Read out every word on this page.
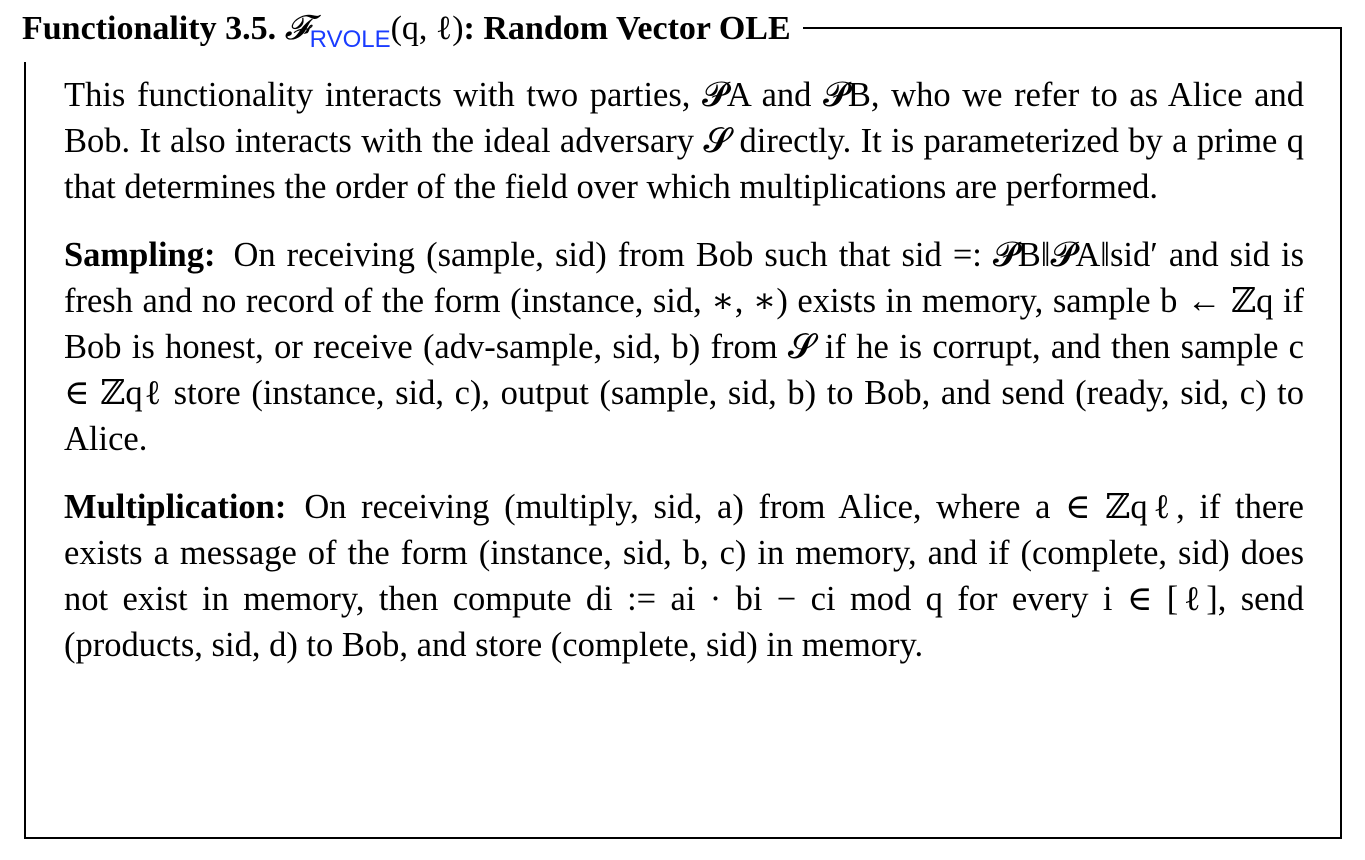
Functionality 3.5. 𝓕$_{RVOLE}$(q, ℓ): Random Vector OLE

This functionality interacts with two parties, 𝓟A and 𝓟B, who we refer to as Alice and Bob. It also interacts with the ideal adversary 𝓢 directly. It is parameterized by a prime q that determines the order of the field over which multiplications are performed.

Sampling: On receiving (sample, sid) from Bob such that sid =: 𝓟B‖𝓟A‖sid′ and sid is fresh and no record of the form (instance, sid, ∗, ∗) exists in memory, sample b ← ℤq if Bob is honest, or receive (adv-sample, sid, b) from 𝓢 if he is corrupt, and then sample c ∈ ℤqℓ store (instance, sid, c), output (sample, sid, b) to Bob, and send (ready, sid, c) to Alice.

Multiplication: On receiving (multiply, sid, a) from Alice, where a ∈ ℤqℓ, if there exists a message of the form (instance, sid, b, c) in memory, and if (complete, sid) does not exist in memory, then compute di := ai · bi − ci mod q for every i ∈ [ℓ], send (products, sid, d) to Bob, and store (complete, sid) in memory.
